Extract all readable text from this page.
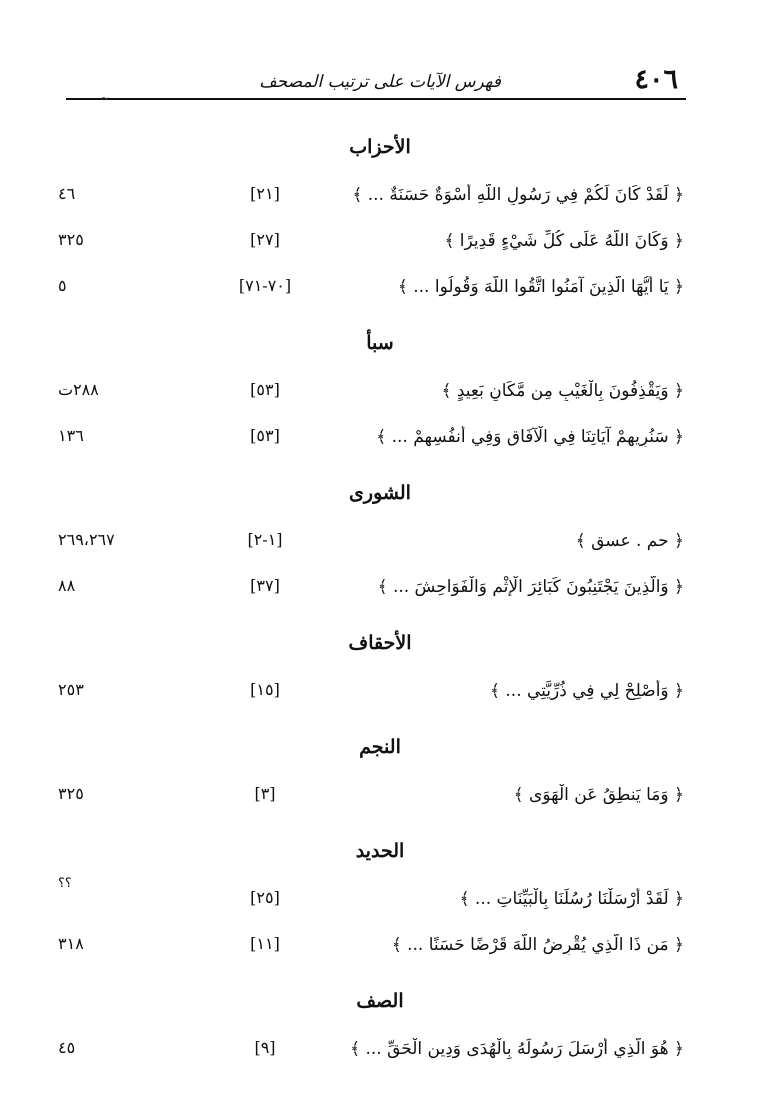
٤٠٦
فهرس الآيات على ترتيب المصحف
∼
الأحزاب
﴿ لَقَدْ كَانَ لَكُمْ فِي رَسُولِ اللَّهِ أُسْوَةٌ حَسَنَةٌ ... ﴾
[٢١]
٤٦
﴿ وَكَانَ اللَّهُ عَلَى كُلِّ شَيْءٍ قَدِيرًا ﴾
[٢٧]
٣٢٥
﴿ يَا أَيُّهَا الَّذِينَ آمَنُوا اتَّقُوا اللَّهَ وَقُولُوا ... ﴾
[٧٠-٧١]
٥
سبأ
﴿ وَيَقْذِفُونَ بِالْغَيْبِ مِن مَّكَانٍ بَعِيدٍ ﴾
[٥٣]
٢٨٨ت
﴿ سَنُرِيهِمْ آيَاتِنَا فِي الْآفَاقِ وَفِي أَنفُسِهِمْ ... ﴾
[٥٣]
١٣٦
الشورى
﴿ حم . عسق ﴾
[١-٢]
٢٦٩،٢٦٧
﴿ وَالَّذِينَ يَجْتَنِبُونَ كَبَائِرَ الْإِثْمِ وَالْفَوَاحِشَ ... ﴾
[٣٧]
٨٨
الأحقاف
﴿ وَأَصْلِحْ لِي فِي ذُرِّيَّتِي ... ﴾
[١٥]
٢٥٣
النجم
﴿ وَمَا يَنطِقُ عَنِ الْهَوَى ﴾
[٣]
٣٢٥
الحديد
﴿ لَقَدْ أَرْسَلْنَا رُسُلَنَا بِالْبَيِّنَاتِ ... ﴾
[٢٥]
؟؟
﴿ مَن ذَا الَّذِي يُقْرِضُ اللَّهَ قَرْضًا حَسَنًا ... ﴾
[١١]
٣١٨
الصف
﴿ هُوَ الَّذِي أَرْسَلَ رَسُولَهُ بِالْهُدَى وَدِينِ الْحَقِّ ... ﴾
[٩]
٤٥
